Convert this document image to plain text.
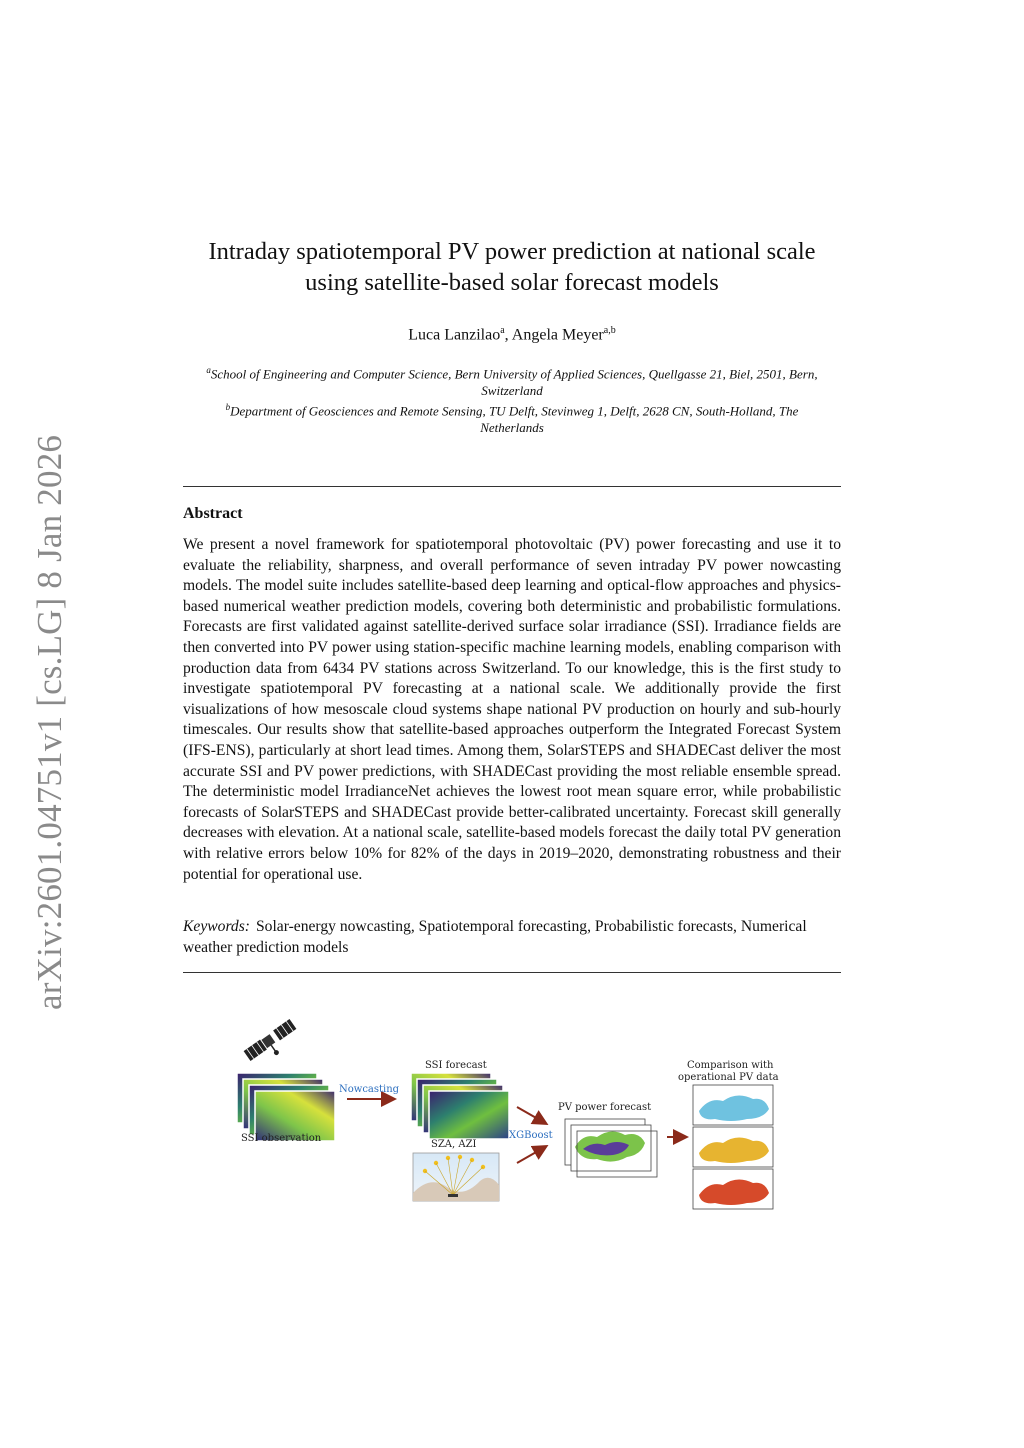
arXiv:2601.04751v1 [cs.LG] 8 Jan 2026
Intraday spatiotemporal PV power prediction at national scale
using satellite-based solar forecast models
Luca Lanzilao$^a$, Angela Meyer$^{a,b}$
$^a$School of Engineering and Computer Science, Bern University of Applied Sciences, Quellgasse 21, Biel, 2501, Bern, Switzerland
$^b$Department of Geosciences and Remote Sensing, TU Delft, Stevinweg 1, Delft, 2628 CN, South-Holland, The Netherlands
Abstract
We present a novel framework for spatiotemporal photovoltaic (PV) power forecasting and use it to evaluate the reliability, sharpness, and overall performance of seven intraday PV power nowcasting models. The model suite includes satellite-based deep learning and optical-flow approaches and physics-based numerical weather prediction models, covering both deterministic and probabilistic formulations. Forecasts are first validated against satellite-derived surface solar irradiance (SSI). Irradiance fields are then converted into PV power using station-specific machine learning models, enabling comparison with production data from 6434 PV stations across Switzerland. To our knowledge, this is the first study to investigate spatiotemporal PV forecasting at a national scale. We additionally provide the first visualizations of how mesoscale cloud systems shape national PV production on hourly and sub-hourly timescales. Our results show that satellite-based approaches outperform the Integrated Forecast System (IFS-ENS), particularly at short lead times. Among them, SolarSTEPS and SHADECast deliver the most accurate SSI and PV power predictions, with SHADECast providing the most reliable ensemble spread. The deterministic model IrradianceNet achieves the lowest root mean square error, while probabilistic forecasts of SolarSTEPS and SHADECast provide better-calibrated uncertainty. Forecast skill generally decreases with elevation. At a national scale, satellite-based models forecast the daily total PV generation with relative errors below 10% for 82% of the days in 2019–2020, demonstrating robustness and their potential for operational use.
Keywords: Solar-energy nowcasting, Spatiotemporal forecasting, Probabilistic forecasts, Numerical weather prediction models
SSI observation
Nowcasting
SSI forecast
SZA, AZI
XGBoost
PV power forecast
Comparison with
operational PV data
